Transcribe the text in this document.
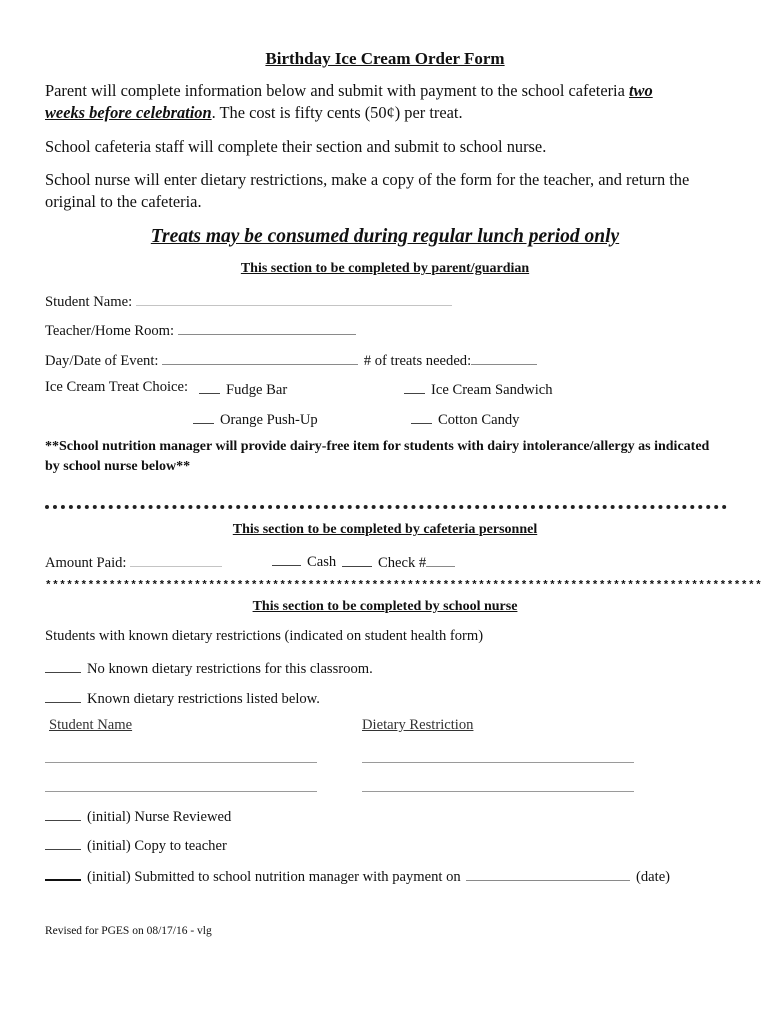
Birthday Ice Cream Order Form
Parent will complete information below and submit with payment to the school cafeteria two
weeks before celebration. The cost is fifty cents (50¢) per treat.
School cafeteria staff will complete their section and submit to school nurse.
School nurse will enter dietary restrictions, make a copy of the form for the teacher, and return the original to the cafeteria.
Treats may be consumed during regular lunch period only
This section to be completed by parent/guardian
Student Name:
Teacher/Home Room:
Day/Date of Event:	# of treats needed:
Ice Cream Treat Choice:	Fudge Bar	Ice Cream Sandwich
Orange Push-Up	Cotton Candy
**School nutrition manager will provide dairy-free item for students with dairy intolerance/allergy as indicated by school nurse below**
This section to be completed by cafeteria personnel
Amount Paid:	Cash	Check #
*****************************************************************************************************
This section to be completed by school nurse
Students with known dietary restrictions (indicated on student health form)
No known dietary restrictions for this classroom.
Known dietary restrictions listed below.
Student Name	Dietary Restriction
(initial) Nurse Reviewed
(initial) Copy to teacher
(initial) Submitted to school nutrition manager with payment on	(date)
Revised for PGES on 08/17/16 - vlg
